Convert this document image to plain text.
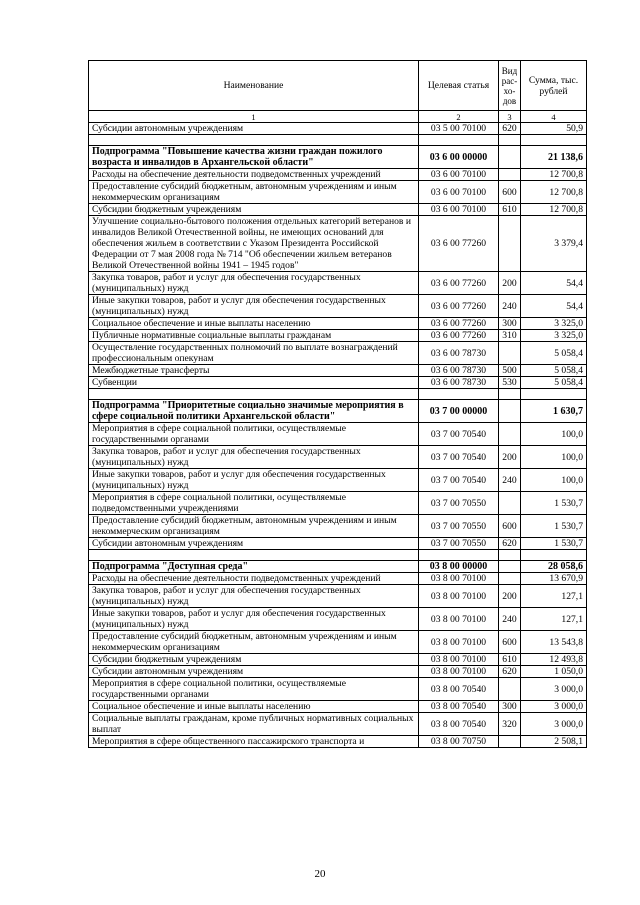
Наименование	Целевая статья	Вид рас-хо-дов	Сумма, тыс. рублей
1	2	3	4
Субсидии автономным учреждениям	03 5 00 70100	620	50,9

Подпрограмма "Повышение качества жизни граждан пожилого возраста и инвалидов в Архангельской области"	03 6 00 00000		21 138,6
Расходы на обеспечение деятельности подведомственных учреждений	03 6 00 70100		12 700,8
Предоставление субсидий бюджетным, автономным учреждениям и иным некоммерческим организациям	03 6 00 70100	600	12 700,8
Субсидии бюджетным учреждениям	03 6 00 70100	610	12 700,8
Улучшение социально-бытового положения отдельных категорий ветеранов и инвалидов Великой Отечественной войны, не имеющих оснований для обеспечения жильем в соответствии с Указом Президента Российской Федерации от 7 мая 2008 года № 714 "Об обеспечении жильем ветеранов Великой Отечественной войны 1941 – 1945 годов"	03 6 00 77260		3 379,4
Закупка товаров, работ и услуг для обеспечения государственных (муниципальных) нужд	03 6 00 77260	200	54,4
Иные закупки товаров, работ и услуг для обеспечения государственных (муниципальных) нужд	03 6 00 77260	240	54,4
Социальное обеспечение и иные выплаты населению	03 6 00 77260	300	3 325,0
Публичные нормативные социальные выплаты гражданам	03 6 00 77260	310	3 325,0
Осуществление государственных полномочий по выплате вознаграждений профессиональным опекунам	03 6 00 78730		5 058,4
Межбюджетные трансферты	03 6 00 78730	500	5 058,4
Субвенции	03 6 00 78730	530	5 058,4

Подпрограмма "Приоритетные социально значимые мероприятия в сфере социальной политики Архангельской области"	03 7 00 00000		1 630,7
Мероприятия в сфере социальной политики, осуществляемые государственными органами	03 7 00 70540		100,0
Закупка товаров, работ и услуг для обеспечения государственных (муниципальных) нужд	03 7 00 70540	200	100,0
Иные закупки товаров, работ и услуг для обеспечения государственных (муниципальных) нужд	03 7 00 70540	240	100,0
Мероприятия в сфере социальной политики, осуществляемые подведомственными учреждениями	03 7 00 70550		1 530,7
Предоставление субсидий бюджетным, автономным учреждениям и иным некоммерческим организациям	03 7 00 70550	600	1 530,7
Субсидии автономным учреждениям	03 7 00 70550	620	1 530,7

Подпрограмма "Доступная среда"	03 8 00 00000		28 058,6
Расходы на обеспечение деятельности подведомственных учреждений	03 8 00 70100		13 670,9
Закупка товаров, работ и услуг для обеспечения государственных (муниципальных) нужд	03 8 00 70100	200	127,1
Иные закупки товаров, работ и услуг для обеспечения государственных (муниципальных) нужд	03 8 00 70100	240	127,1
Предоставление субсидий бюджетным, автономным учреждениям и иным некоммерческим организациям	03 8 00 70100	600	13 543,8
Субсидии бюджетным учреждениям	03 8 00 70100	610	12 493,8
Субсидии автономным учреждениям	03 8 00 70100	620	1 050,0
Мероприятия в сфере социальной политики, осуществляемые государственными органами	03 8 00 70540		3 000,0
Социальное обеспечение и иные выплаты населению	03 8 00 70540	300	3 000,0
Социальные выплаты гражданам, кроме публичных нормативных социальных выплат	03 8 00 70540	320	3 000,0
Мероприятия в сфере общественного пассажирского транспорта и	03 8 00 70750		2 508,1
20
